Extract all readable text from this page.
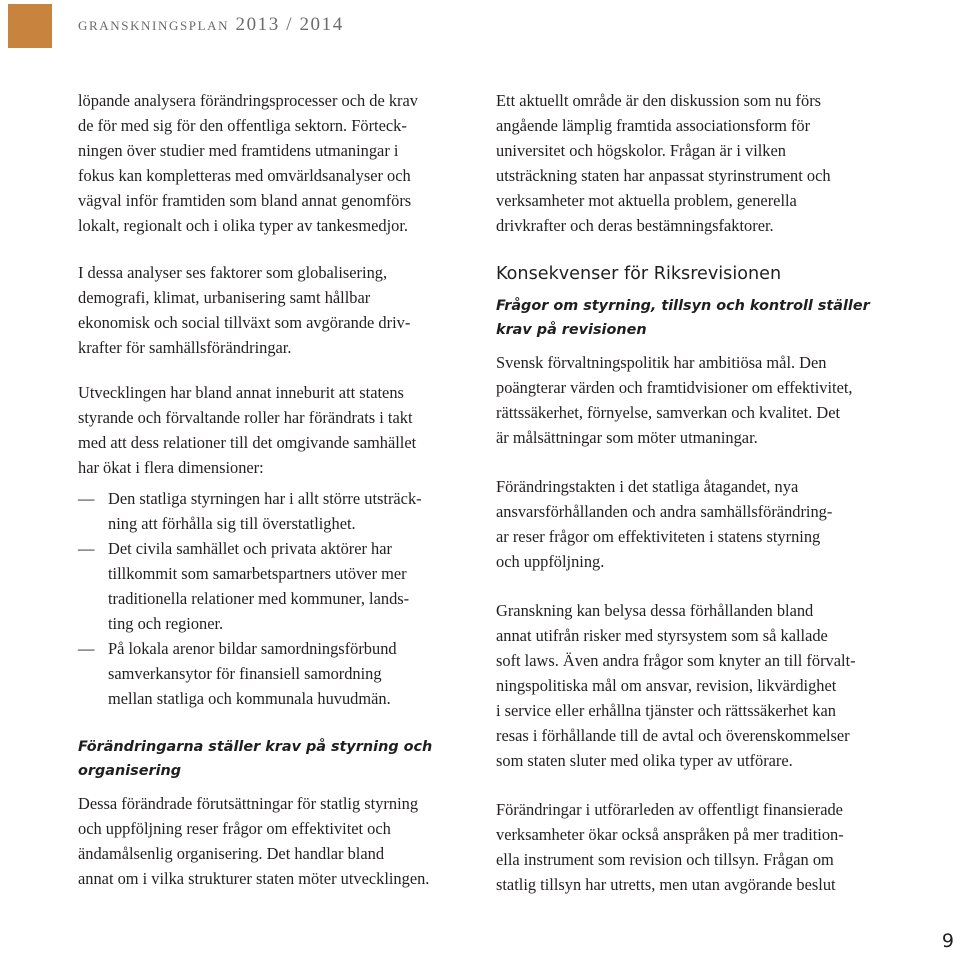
granskningsplan 2013 / 2014

löpande analysera förändringsprocesser och de krav
de för med sig för den offentliga sektorn. Förteck-
ningen över studier med framtidens utmaningar i
fokus kan kompletteras med omvärldsanalyser och
vägval inför framtiden som bland annat genomförs
lokalt, regionalt och i olika typer av tankesmedjor.

I dessa analyser ses faktorer som globalisering,
demografi, klimat, urbanisering samt hållbar
ekonomisk och social tillväxt som avgörande driv-
krafter för samhällsförändringar.

Utvecklingen har bland annat inneburit att statens
styrande och förvaltande roller har förändrats i takt
med att dess relationer till det omgivande samhället
har ökat i flera dimensioner:

— Den statliga styrningen har i allt större utsträck-
ning att förhålla sig till överstatlighet.
— Det civila samhället och privata aktörer har
tillkommit som samarbetspartners utöver mer
traditionella relationer med kommuner, lands-
ting och regioner.
— På lokala arenor bildar samordningsförbund
samverkansytor för finansiell samordning
mellan statliga och kommunala huvudmän.
Förändringarna ställer krav på styrning och
organisering

Dessa förändrade förutsättningar för statlig styrning
och uppföljning reser frågor om effektivitet och
ändamålsenlig organisering. Det handlar bland
annat om i vilka strukturer staten möter utvecklingen.

Ett aktuellt område är den diskussion som nu förs
angående lämplig framtida associationsform för
universitet och högskolor. Frågan är i vilken
utsträckning staten har anpassat styrinstrument och
verksamheter mot aktuella problem, generella
drivkrafter och deras bestämningsfaktorer.

Konsekvenser för Riksrevisionen
Frågor om styrning, tillsyn och kontroll ställer
krav på revisionen

Svensk förvaltningspolitik har ambitiösa mål. Den
poängterar värden och framtidvisioner om effektivitet,
rättssäkerhet, förnyelse, samverkan och kvalitet. Det
är målsättningar som möter utmaningar.

Förändringstakten i det statliga åtagandet, nya
ansvarsförhållanden och andra samhällsförändring-
ar reser frågor om effektiviteten i statens styrning
och uppföljning.

Granskning kan belysa dessa förhållanden bland
annat utifrån risker med styrsystem som så kallade
soft laws. Även andra frågor som knyter an till förvalt-
ningspolitiska mål om ansvar, revision, likvärdighet
i service eller erhållna tjänster och rättssäkerhet kan
resas i förhållande till de avtal och överenskommelser
som staten sluter med olika typer av utförare.

Förändringar i utförarleden av offentligt finansierade
verksamheter ökar också anspråken på mer tradition-
ella instrument som revision och tillsyn. Frågan om
statlig tillsyn har utretts, men utan avgörande beslut

9
